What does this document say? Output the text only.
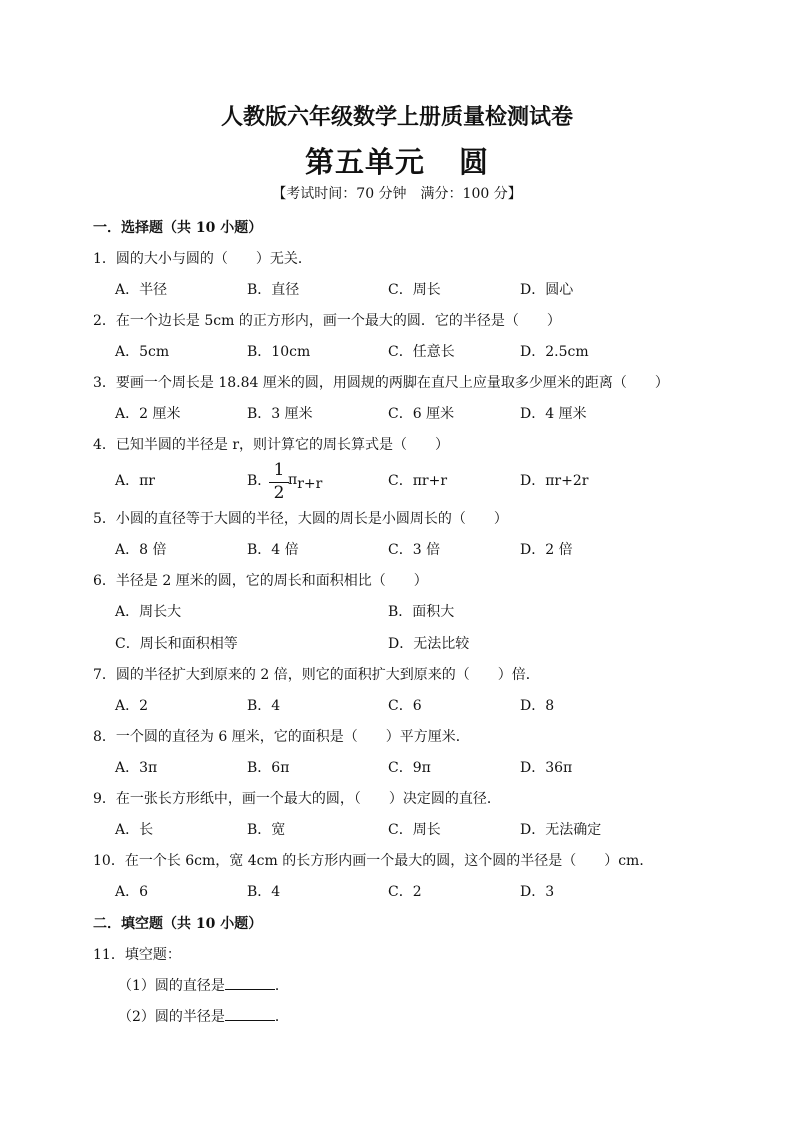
人教版六年级数学上册质量检测试卷
第五单元 圆
【考试时间：70 分钟　满分：100 分】
一．选择题（共 10 小题）
1．圆的大小与圆的（　　）无关．
A．半径	B．直径	C．周长	D．圆心
2．在一个边长是 5cm 的正方形内，画一个最大的圆．它的半径是（　　）
A．5cm	B．10cm	C．任意长	D．2.5cm
3．要画一个周长是 18.84 厘米的圆，用圆规的两脚在直尺上应量取多少厘米的距离（　　）
A．2 厘米	B．3 厘米	C．6 厘米	D．4 厘米
4．已知半圆的半径是 r，则计算它的周长算式是（　　）
A．πr	B．
1
2
πr+r	C．πr+r	D．πr+2r
5．小圆的直径等于大圆的半径，大圆的周长是小圆周长的（　　）
A．8 倍	B．4 倍	C．3 倍	D．2 倍
6．半径是 2 厘米的圆，它的周长和面积相比（　　）
A．周长大	B．面积大
C．周长和面积相等	D．无法比较
7．圆的半径扩大到原来的 2 倍，则它的面积扩大到原来的（　　）倍．
A．2	B．4	C．6	D．8
8．一个圆的直径为 6 厘米，它的面积是（　　）平方厘米．
A．3π	B．6π	C．9π	D．36π
9．在一张长方形纸中，画一个最大的圆，（　　）决定圆的直径．
A．长	B．宽	C．周长	D．无法确定
10．在一个长 6cm，宽 4cm 的长方形内画一个最大的圆，这个圆的半径是（　　）cm．
A．6	B．4	C．2	D．3
二．填空题（共 10 小题）
11．填空题：
（1）圆的直径是	．
（2）圆的半径是	．
